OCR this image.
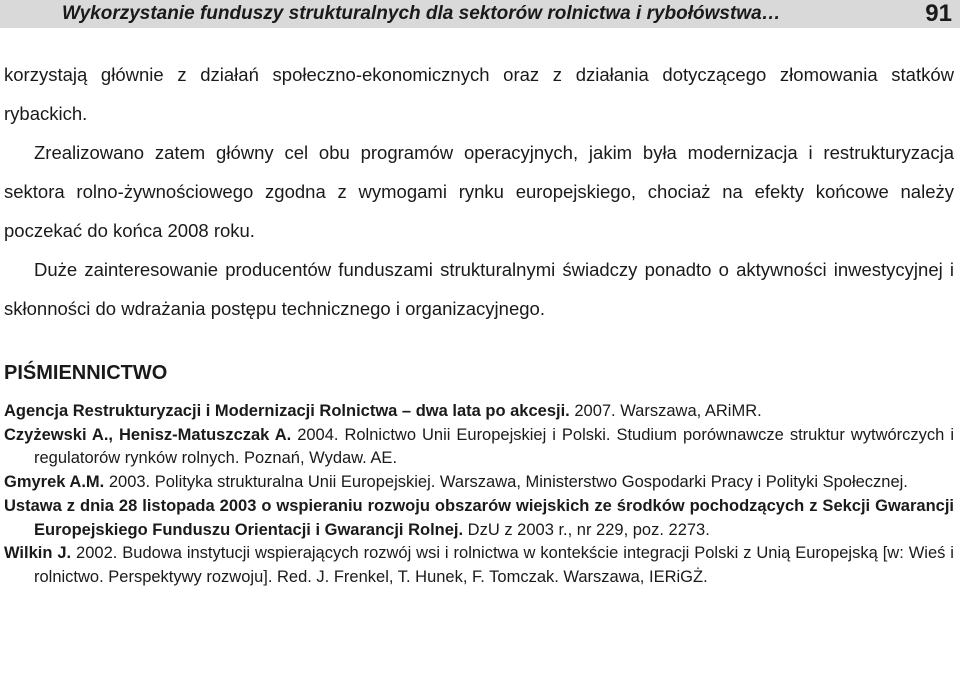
Wykorzystanie funduszy strukturalnych dla sektorów rolnictwa i rybołówstwa…	91

korzystają głównie z działań społeczno-ekonomicznych oraz z działania dotyczącego złomowania statków rybackich.

Zrealizowano zatem główny cel obu programów operacyjnych, jakim była modernizacja i restrukturyzacja sektora rolno-żywnościowego zgodna z wymogami rynku europejskiego, chociaż na efekty końcowe należy poczekać do końca 2008 roku.

Duże zainteresowanie producentów funduszami strukturalnymi świadczy ponadto o aktywności inwestycyjnej i skłonności do wdrażania postępu technicznego i organizacyjnego.

PIŚMIENNICTWO

Agencja Restrukturyzacji i Modernizacji Rolnictwa – dwa lata po akcesji. 2007. Warszawa, ARiMR.

Czyżewski A., Henisz-Matuszczak A. 2004. Rolnictwo Unii Europejskiej i Polski. Studium porównawcze struktur wytwórczych i regulatorów rynków rolnych. Poznań, Wydaw. AE.

Gmyrek A.M. 2003. Polityka strukturalna Unii Europejskiej. Warszawa, Ministerstwo Gospodarki Pracy i Polityki Społecznej.

Ustawa z dnia 28 listopada 2003 o wspieraniu rozwoju obszarów wiejskich ze środków pochodzących z Sekcji Gwarancji Europejskiego Funduszu Orientacji i Gwarancji Rolnej. DzU z 2003 r., nr 229, poz. 2273.

Wilkin J. 2002. Budowa instytucji wspierających rozwój wsi i rolnictwa w kontekście integracji Polski z Unią Europejską [w: Wieś i rolnictwo. Perspektywy rozwoju]. Red. J. Frenkel, T. Hunek, F. Tomczak. Warszawa, IERiGŻ.
